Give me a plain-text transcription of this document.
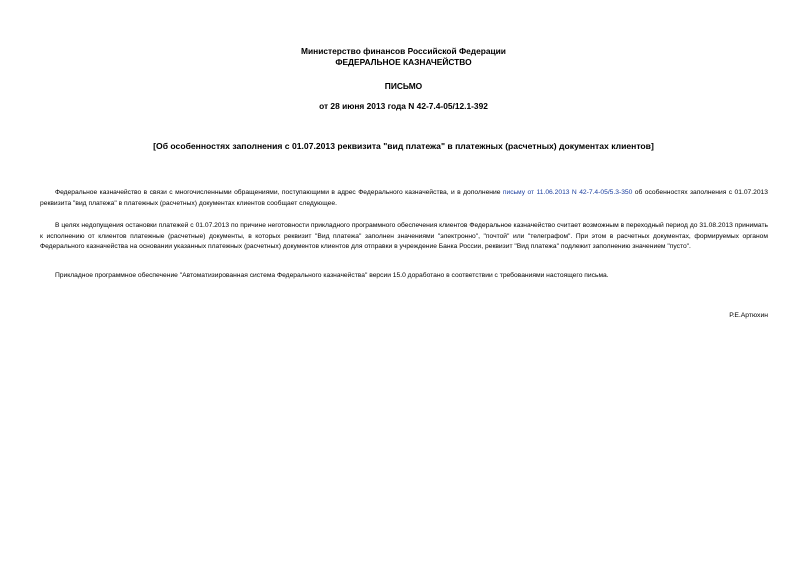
Министерство финансов Российской Федерации
ФЕДЕРАЛЬНОЕ КАЗНАЧЕЙСТВО
ПИСЬМО
от 28 июня 2013 года N 42-7.4-05/12.1-392
[Об особенностях заполнения с 01.07.2013 реквизита "вид платежа" в платежных (расчетных) документах клиентов]

Федеральное казначейство в связи с многочисленными обращениями, поступающими в адрес Федерального казначейства, и в дополнение письму от 11.06.2013 N 42-7.4-05/5.3-350 об особенностях заполнения с 01.07.2013 реквизита "вид платежа" в платежных (расчетных) документах клиентов сообщает следующее.

В целях недопущения остановки платежей с 01.07.2013 по причине неготовности прикладного программного обеспечения клиентов Федеральное казначейство считает возможным в переходный период до 31.08.2013 принимать к исполнению от клиентов платежные (расчетные) документы, в которых реквизит "Вид платежа" заполнен значениями "электронно", "почтой" или "телеграфом". При этом в расчетных документах, формируемых органом Федерального казначейства на основании указанных платежных (расчетных) документов клиентов для отправки в учреждение Банка России, реквизит "Вид платежа" подлежит заполнению значением "пусто".

Прикладное программное обеспечение "Автоматизированная система Федерального казначейства" версии 15.0 доработано в соответствии с требованиями настоящего письма.

Р.Е.Артюхин
